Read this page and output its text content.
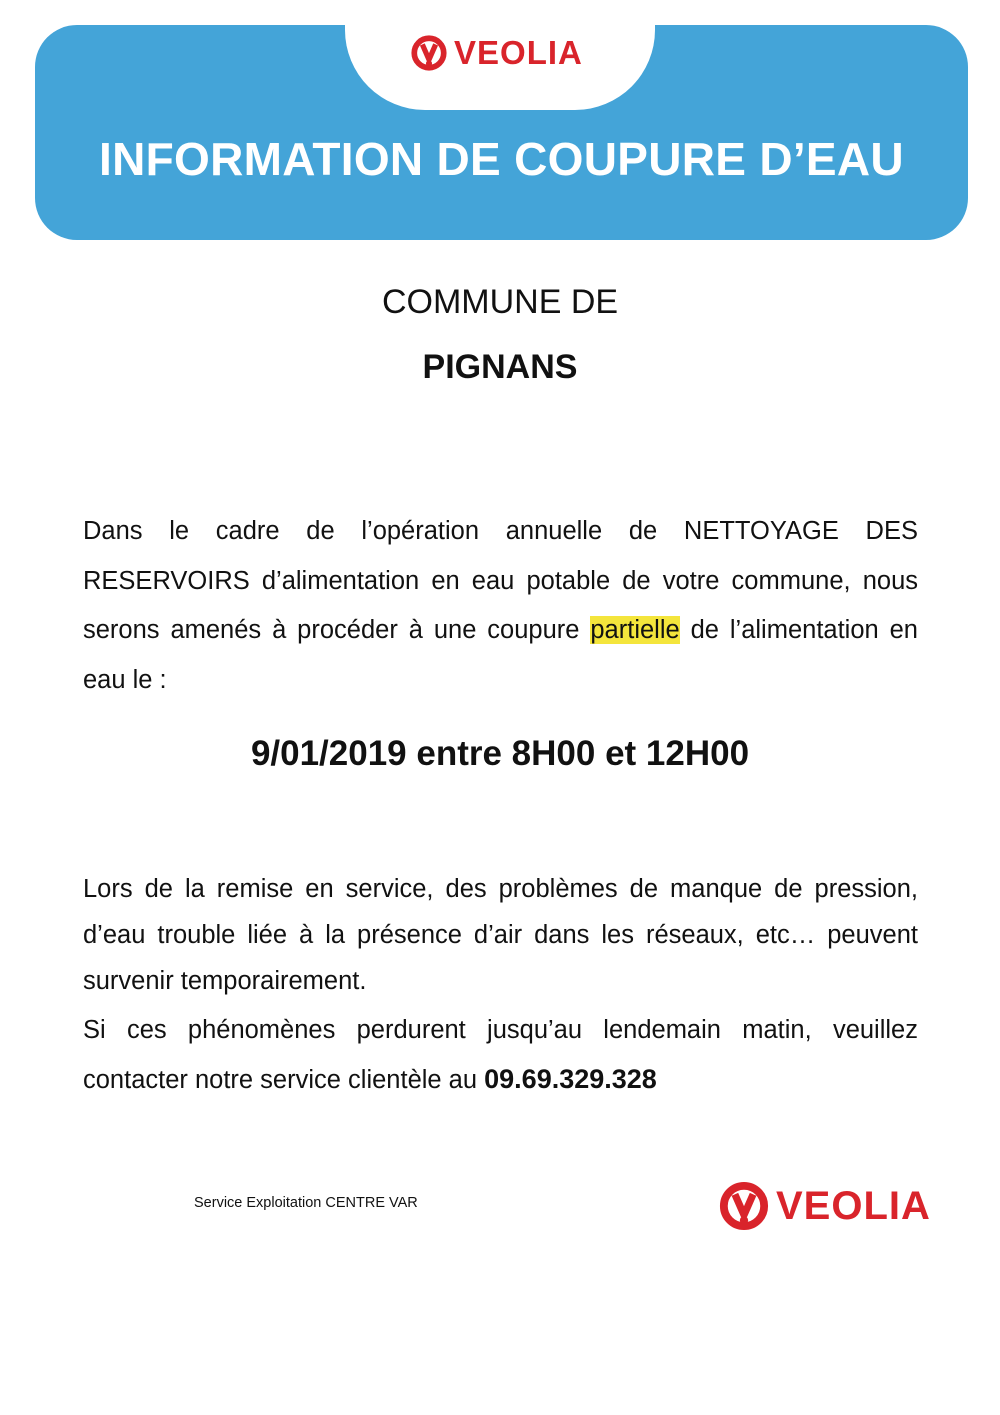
VEOLIA
INFORMATION DE COUPURE D’EAU
COMMUNE DE
PIGNANS
Dans le cadre de l’opération annuelle de NETTOYAGE DES RESERVOIRS d’alimentation en eau potable de votre commune, nous serons amenés à procéder à une coupure partielle de l’alimentation en eau le :
9/01/2019 entre 8H00 et 12H00
Lors de la remise en service, des problèmes de manque de pression, d’eau trouble liée à la présence d’air dans les réseaux, etc… peuvent survenir temporairement.
Si ces phénomènes perdurent jusqu’au lendemain matin, veuillez contacter notre service clientèle au 09.69.329.328
Service Exploitation CENTRE VAR	VEOLIA
